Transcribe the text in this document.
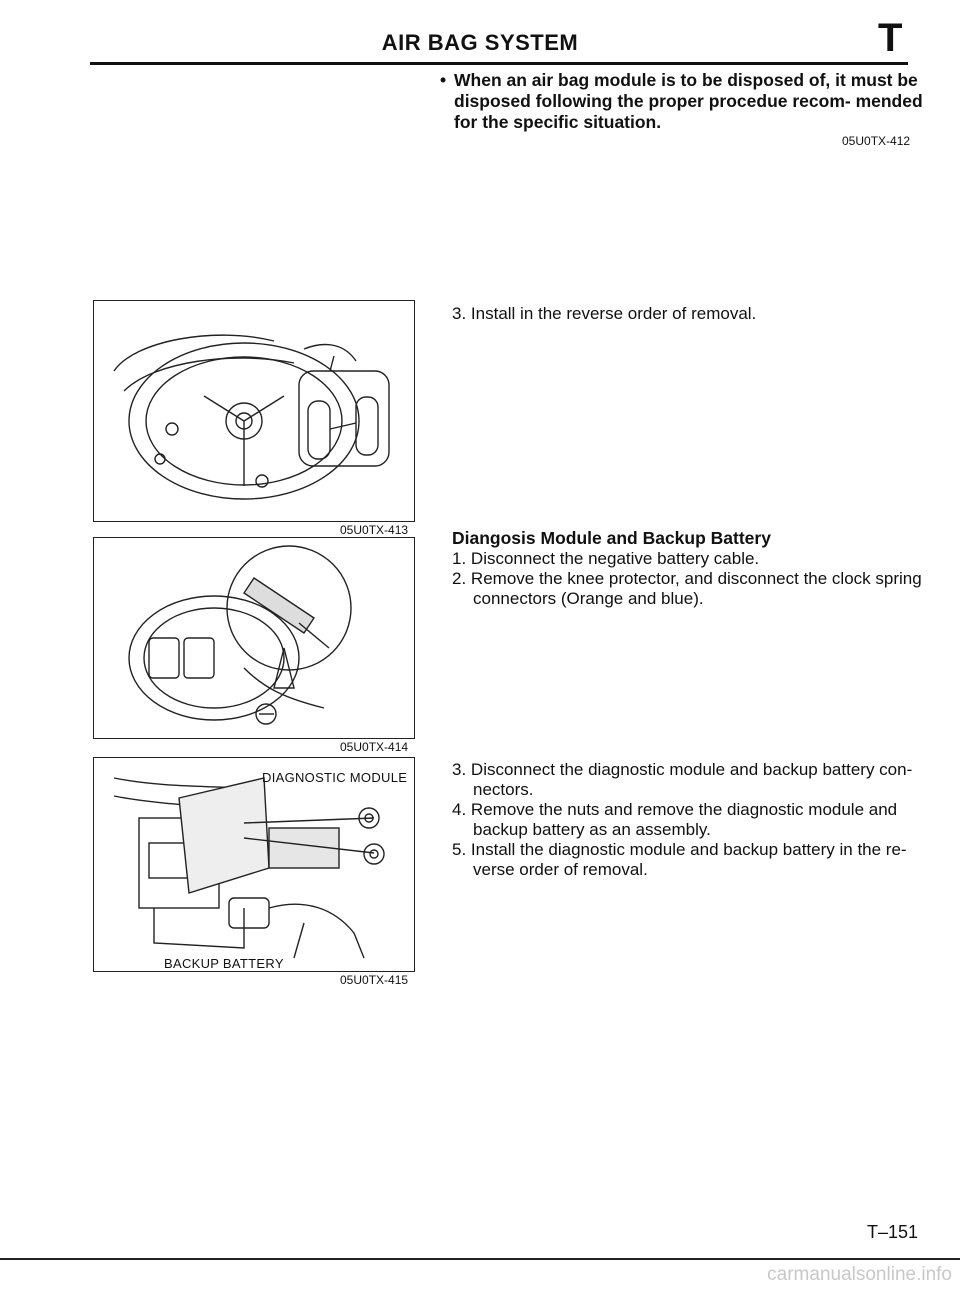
AIR BAG SYSTEM	T
• When an air bag module is to be disposed of, it must be disposed following the proper procedue recom- mended for the specific situation.
05U0TX-412
3. Install in the reverse order of removal.
Diangosis Module and Backup Battery
1. Disconnect the negative battery cable.
2. Remove the knee protector, and disconnect the clock spring
connectors (Orange and blue).
3. Disconnect the diagnostic module and backup battery con-
nectors.
4. Remove the nuts and remove the diagnostic module and
backup battery as an assembly.
5. Install the diagnostic module and backup battery in the re-
verse order of removal.
05U0TX-413
05U0TX-414
DIAGNOSTIC MODULE
BACKUP BATTERY
05U0TX-415
T–151
carmanualsonline.info
